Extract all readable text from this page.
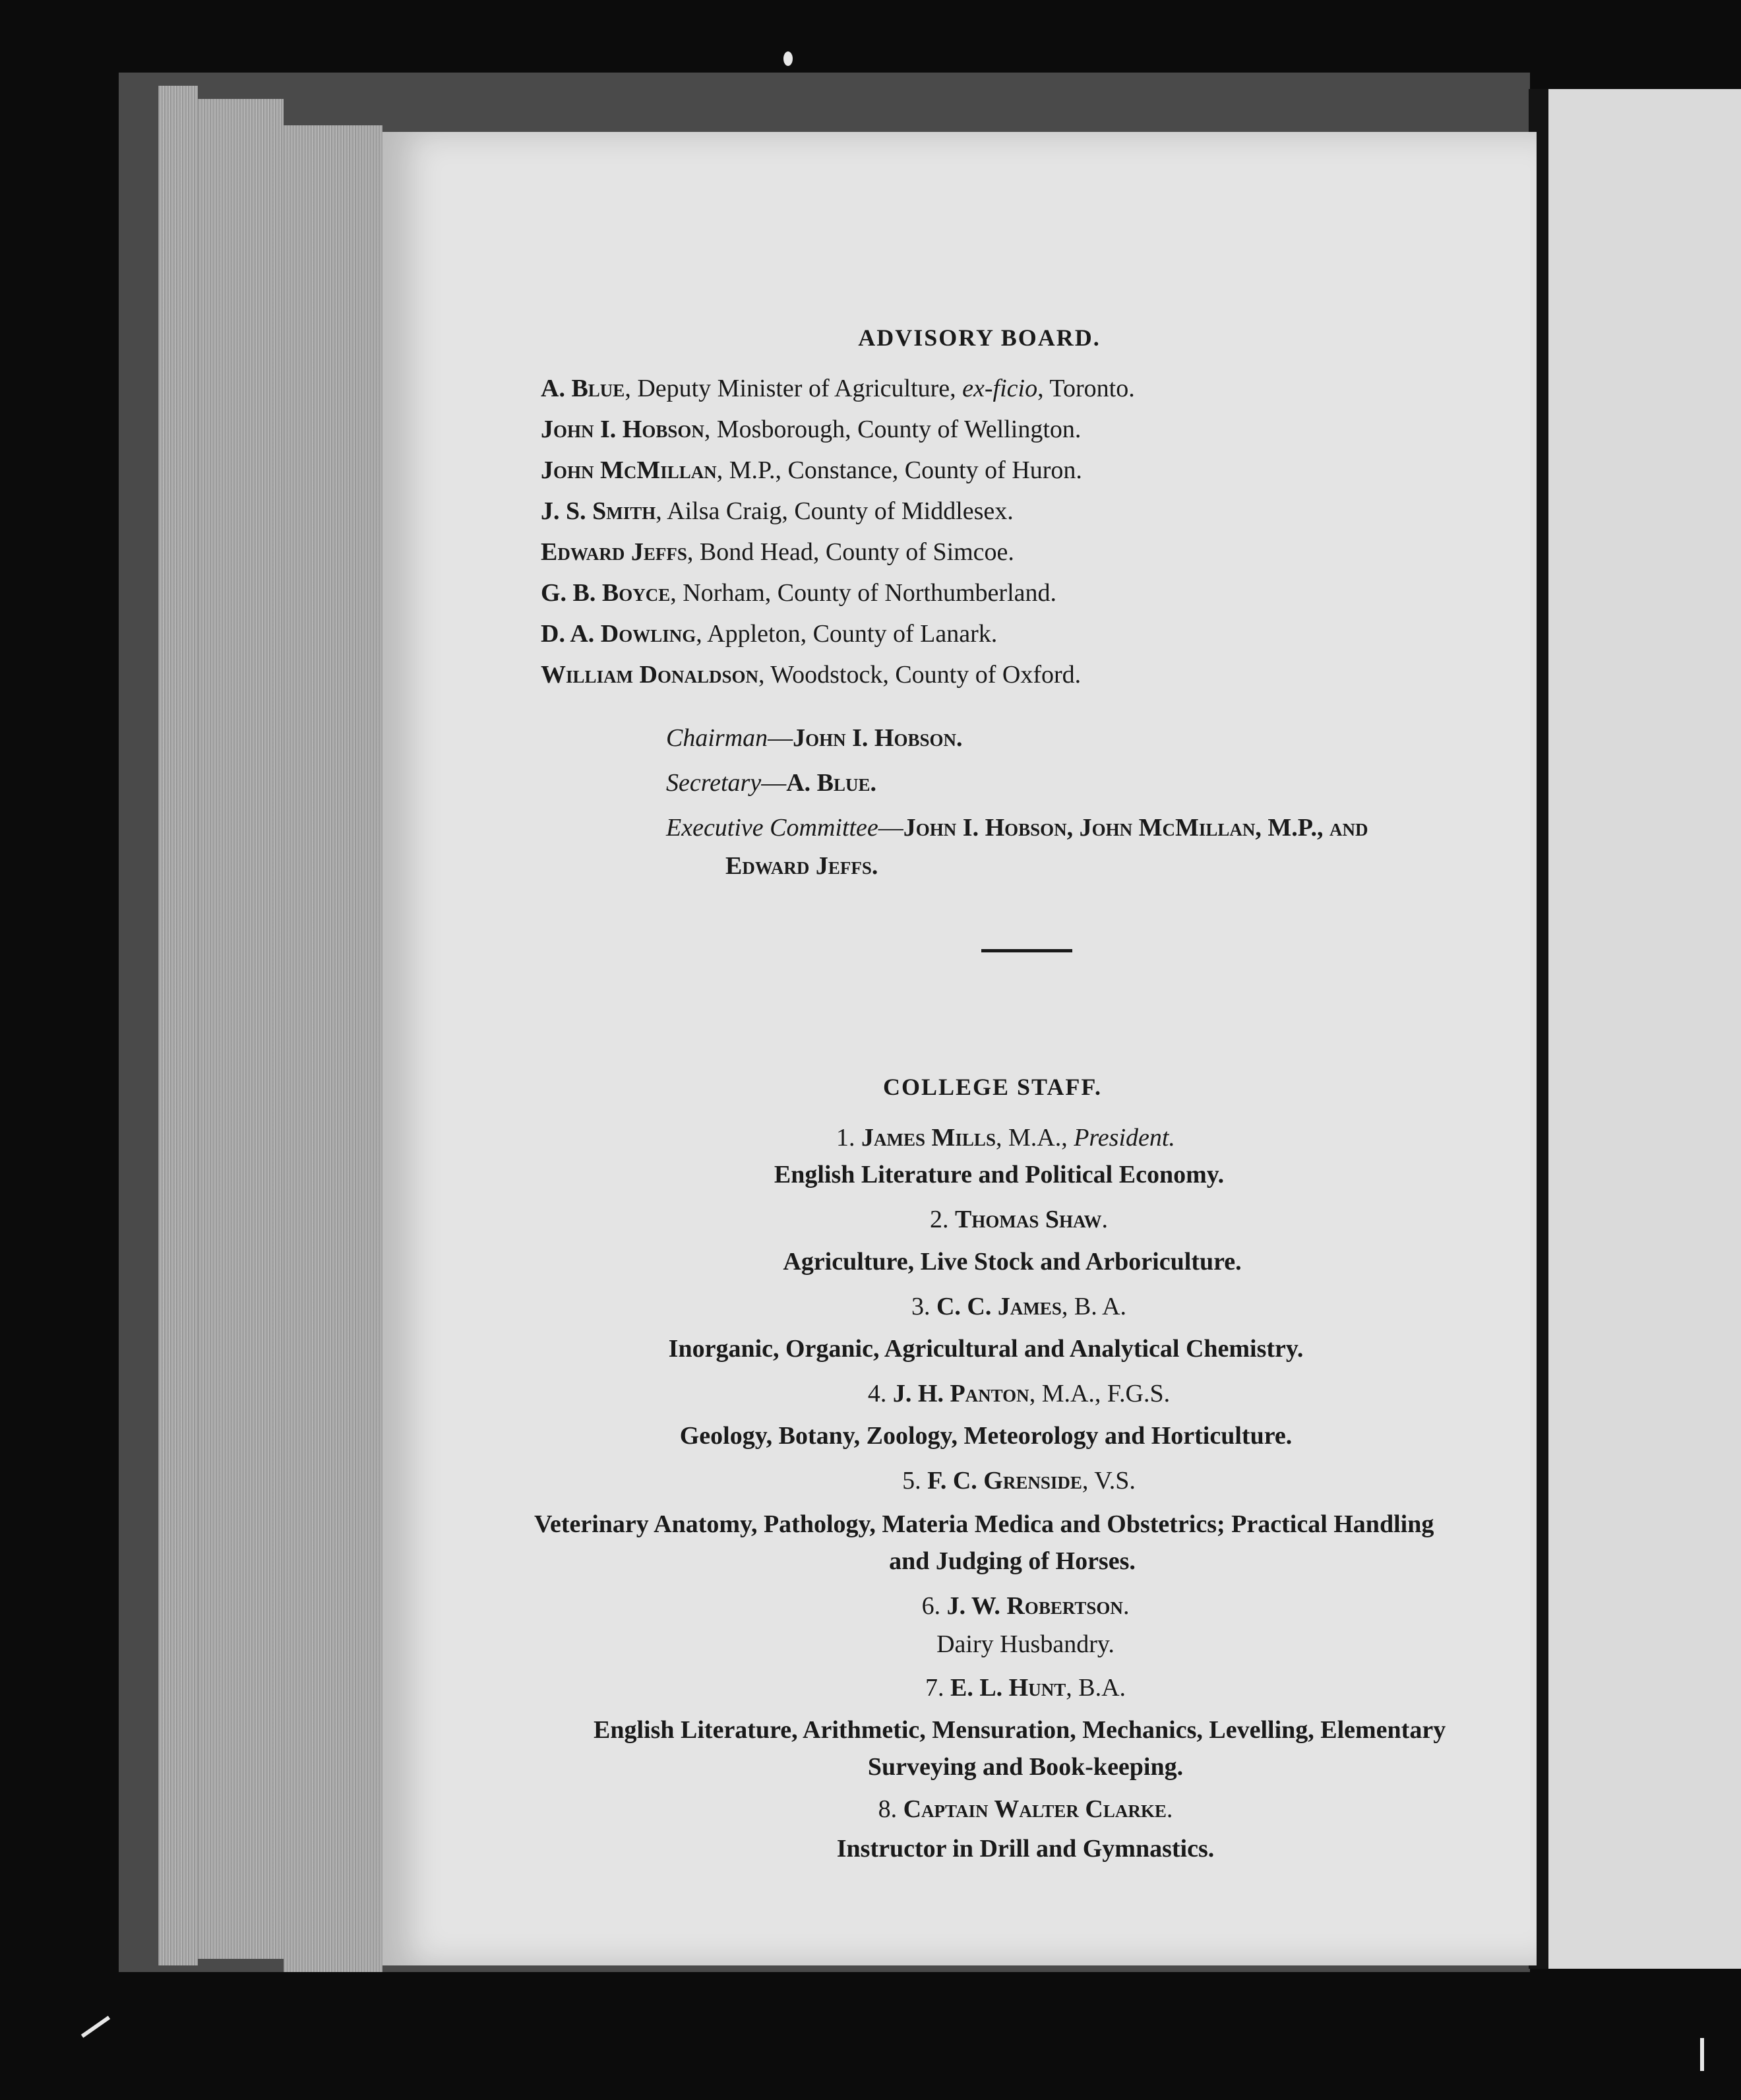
ADVISORY BOARD.
A. Blue, Deputy Minister of Agriculture, ex-ficio, Toronto.
John I. Hobson, Mosborough, County of Wellington.
John McMillan, M.P., Constance, County of Huron.
J. S. Smith, Ailsa Craig, County of Middlesex.
Edward Jeffs, Bond Head, County of Simcoe.
G. B. Boyce, Norham, County of Northumberland.
D. A. Dowling, Appleton, County of Lanark.
William Donaldson, Woodstock, County of Oxford.
Chairman—John I. Hobson.
Secretary—A. Blue.
Executive Committee—John I. Hobson, John McMillan, M.P., and
Edward Jeffs.
COLLEGE STAFF.
1. James Mills, M.A., President.
English Literature and Political Economy.
2. Thomas Shaw.
Agriculture, Live Stock and Arboriculture.
3. C. C. James, B. A.
Inorganic, Organic, Agricultural and Analytical Chemistry.
4. J. H. Panton, M.A., F.G.S.
Geology, Botany, Zoology, Meteorology and Horticulture.
5. F. C. Grenside, V.S.
Veterinary Anatomy, Pathology, Materia Medica and Obstetrics; Practical Handling
and Judging of Horses.
6. J. W. Robertson.
Dairy Husbandry.
7. E. L. Hunt, B.A.
English Literature, Arithmetic, Mensuration, Mechanics, Levelling, Elementary
Surveying and Book-keeping.
8. Captain Walter Clarke.
Instructor in Drill and Gymnastics.
